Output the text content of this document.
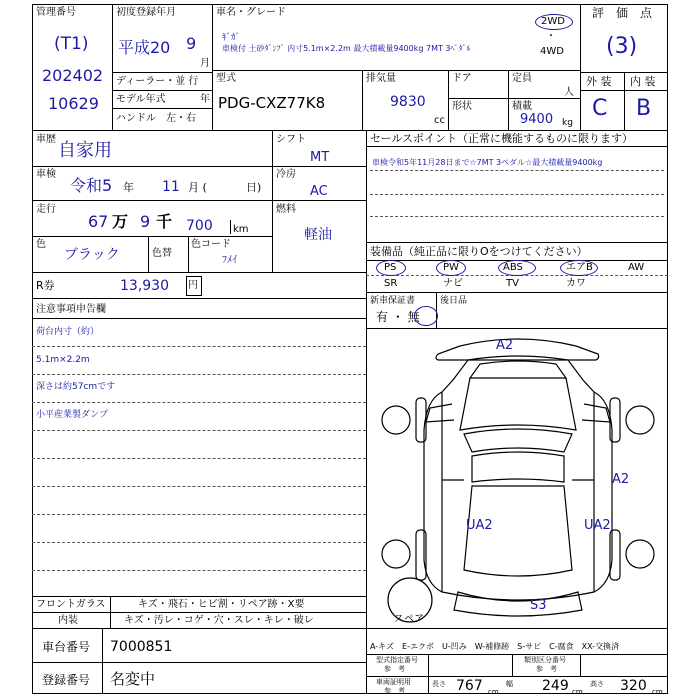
管理番号
(T1)
202402
10629
初度登録年月
平成20 9
月
ディーラー・並 行
モデル年式	年
ハンドル　左・右
車名・グレード
ｷﾞｶﾞ
車検付 土砂ﾀﾞﾝﾌﾟ 内寸5.1m×2.2m 最大積載量9400kg 7MT 3ﾍﾟﾀﾞﾙ
2WD
・
4WD
型式
PDG-CXZ77K8
排気量
9830
cc
ドア
形状
定員
人
積載
9400 kg
評　価　点
(3)
外 装 内 装
C B
車歴
自家用
車検
令和5 年 11 月 (	日)
走行
67 万 9 千 700 km
色
ブラック	色替
色コード
ﾌﾒｲ
シフト
MT
冷房
AC
燃料
軽油
R券	13,930 円
注意事項申告欄
荷台内寸（約）
5.1m×2.2m
深さは約57cmです
小平産業製ダンプ
フロントガラス	キズ・飛石・ヒビ割・リペア跡・X要
内装	キズ・汚レ・コゲ・穴・スレ・キレ・破レ
車台番号 7000851
登録番号 名変中
セールスポイント（正常に機能するものに限ります）
車検令和5年11月28日まで☆7MT 3ペダル☆最大積載量9400kg
装備品（純正品に限りOをつけてください）
PS	PW	ABS	エアB	AW
SR	ナビ	TV	カワ
新車保証書
有 ・ 無
後日品
A2
A2
UA2	UA2
S3
スペア
A-キズ　E-エクボ　U-凹み　W-補修跡　S-サビ　C-腐食　XX-交換済
型式指定番号
参　考
類別区分番号
参　考
車両証明用
参　考
長さ 767 cm
幅 249 cm
高さ 320 cm
